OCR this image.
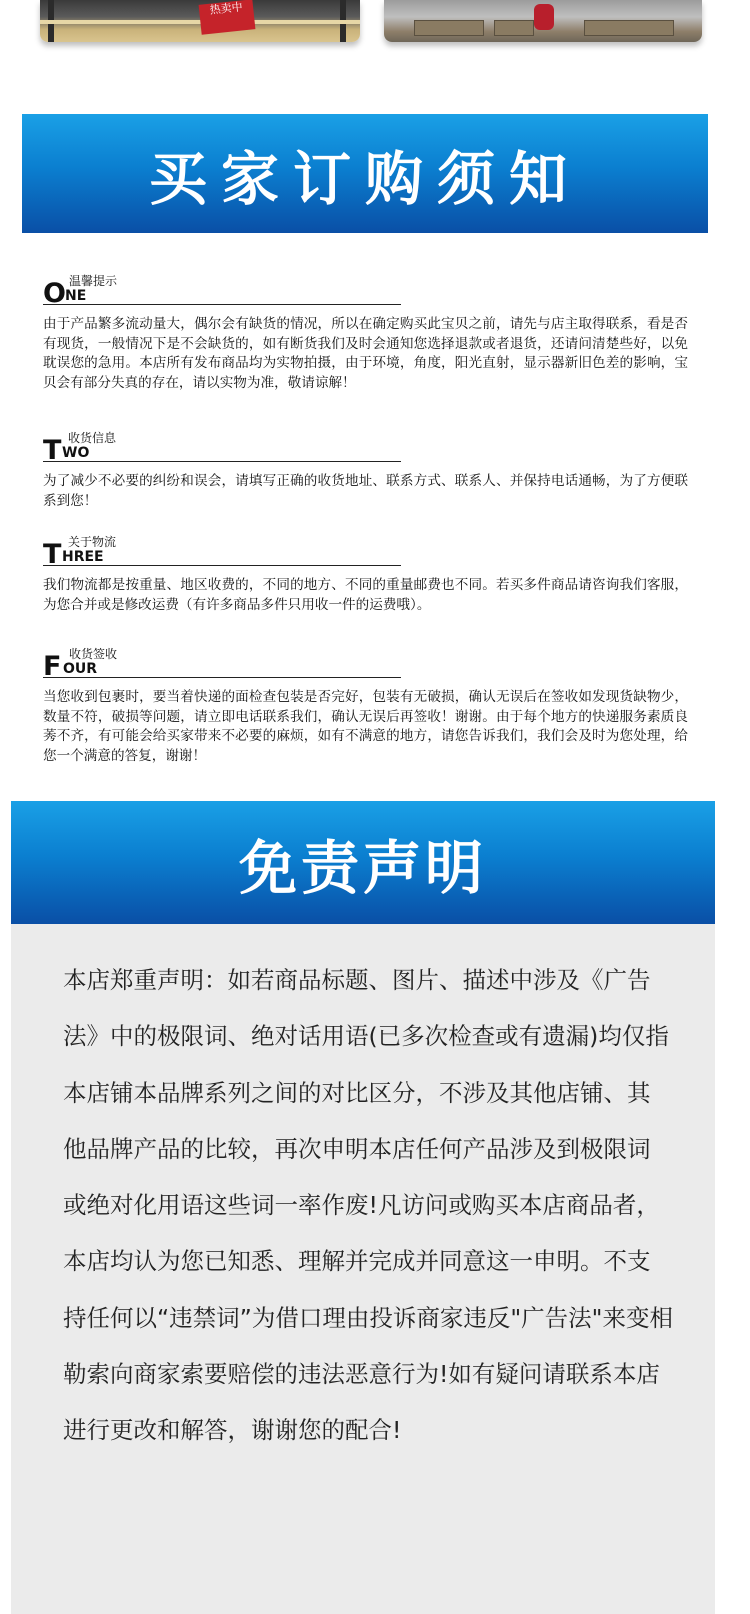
热卖中
买家订购须知
O NE
温馨提示
由于产品繁多流动量大，偶尔会有缺货的情况，所以在确定购买此宝贝之前，请先与店主取得联系，看是否有现货，一般情况下是不会缺货的，如有断货我们及时会通知您选择退款或者退货，还请问清楚些好，以免耽误您的急用。本店所有发布商品均为实物拍摄，由于环境，角度，阳光直射，显示器新旧色差的影响，宝贝会有部分失真的存在，请以实物为准，敬请谅解！
T WO
收货信息
为了减少不必要的纠纷和误会，请填写正确的收货地址、联系方式、联系人、并保持电话通畅，为了方便联系到您！
T HREE
关于物流
我们物流都是按重量、地区收费的，不同的地方、不同的重量邮费也不同。若买多件商品请咨询我们客服，为您合并或是修改运费（有许多商品多件只用收一件的运费哦）。
F OUR
收货签收
当您收到包裹时，要当着快递的面检查包装是否完好，包装有无破损，确认无误后在签收如发现货缺物少，数量不符，破损等问题，请立即电话联系我们，确认无误后再签收！谢谢。由于每个地方的快递服务素质良莠不齐，有可能会给买家带来不必要的麻烦，如有不满意的地方，请您告诉我们，我们会及时为您处理，给您一个满意的答复，谢谢！
免责声明
本店郑重声明：如若商品标题、图片、描述中涉及《广告法》中的极限词、绝对话用语(已多次检查或有遗漏)均仅指本店铺本品牌系列之间的对比区分，不涉及其他店铺、其他品牌产品的比较，再次申明本店任何产品涉及到极限词或绝对化用语这些词一率作废!凡访问或购买本店商品者，本店均认为您已知悉、理解并完成并同意这一申明。不支持任何以“违禁词”为借口理由投诉商家违反"广告法"来变相勒索向商家索要赔偿的违法恶意行为!如有疑问请联系本店进行更改和解答，谢谢您的配合!
